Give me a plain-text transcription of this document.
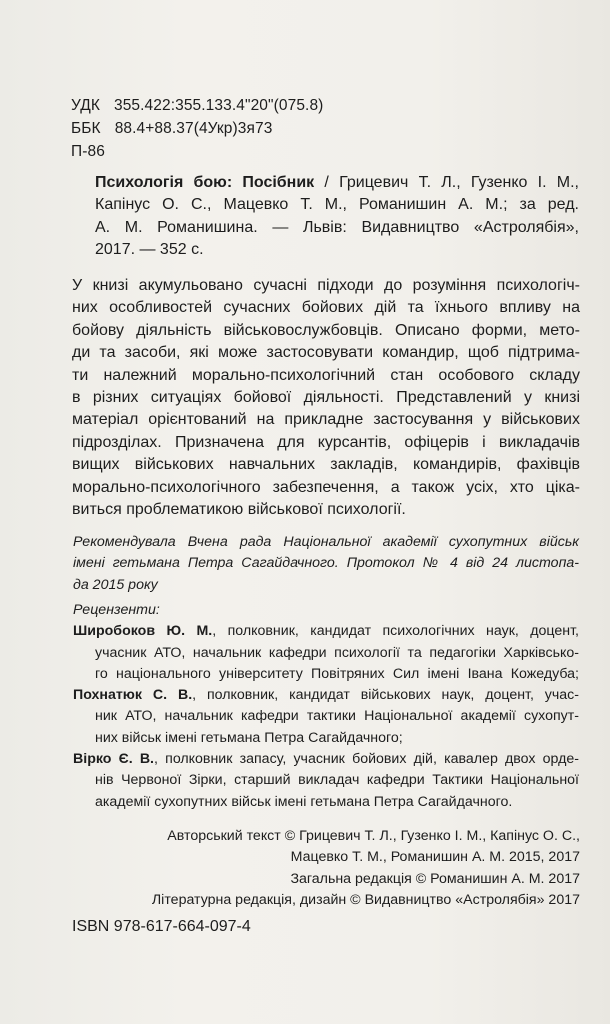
УДК 355.422:355.133.4"20"(075.8)
ББК 88.4+88.37(4Укр)3я73
П-86
Психологія бою: Посібник / Грицевич Т. Л., Гузенко І. М.,
Капінус О. С., Мацевко Т. М., Романишин А. М.; за ред.
А. М. Романишина. — Львів: Видавництво «Астролябія»,
2017. — 352 с.
У книзі акумульовано сучасні підходи до розуміння психологіч-
них особливостей сучасних бойових дій та їхнього впливу на
бойову діяльність військовослужбовців. Описано форми, мето-
ди та засоби, які може застосовувати командир, щоб підтрима-
ти належний морально-психологічний стан особового складу
в різних ситуаціях бойової діяльності. Представлений у книзі
матеріал орієнтований на прикладне застосування у військових
підрозділах. Призначена для курсантів, офіцерів і викладачів
вищих військових навчальних закладів, командирів, фахівців
морально-психологічного забезпечення, а також усіх, хто ціка-
виться проблематикою військової психології.
Рекомендувала Вчена рада Національної академії сухопутних військ
імені гетьмана Петра Сагайдачного. Протокол № 4 від 24 листопа-
да 2015 року
Рецензенти:
Широбоков Ю. М., полковник, кандидат психологічних наук, доцент,
учасник АТО, начальник кафедри психології та педагогіки Харківсько-
го національного університету Повітряних Сил імені Івана Кожедуба;
Похнатюк С. В., полковник, кандидат військових наук, доцент, учас-
ник АТО, начальник кафедри тактики Національної академії сухопут-
них військ імені гетьмана Петра Сагайдачного;
Вірко Є. В., полковник запасу, учасник бойових дій, кавалер двох орде-
нів Червоної Зірки, старший викладач кафедри Тактики Національної
академії сухопутних військ імені гетьмана Петра Сагайдачного.
Авторський текст © Грицевич Т. Л., Гузенко І. М., Капінус О. С.,
Мацевко Т. М., Романишин А. М. 2015, 2017
Загальна редакція © Романишин А. М. 2017
Літературна редакція, дизайн © Видавництво «Астролябія» 2017
ISBN 978-617-664-097-4
